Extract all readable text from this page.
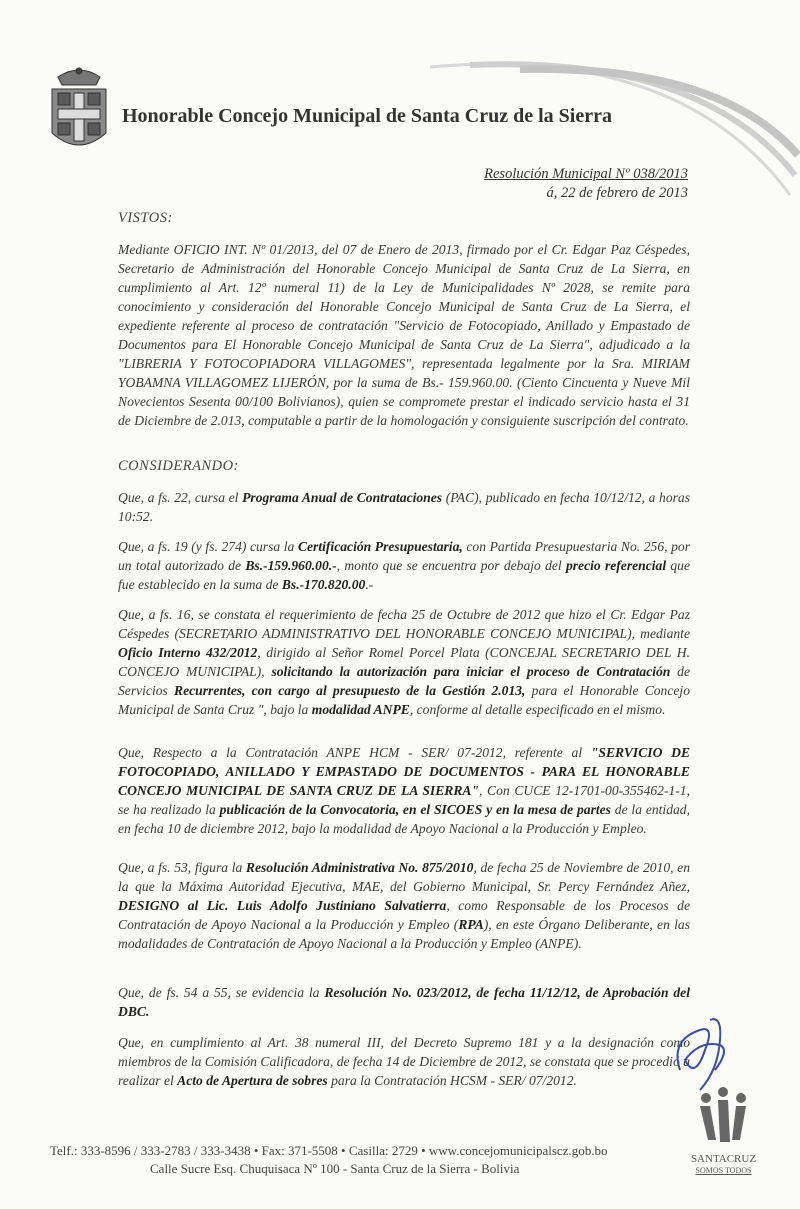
Honorable Concejo Municipal de Santa Cruz de la Sierra
Resolución Municipal Nº 038/2013
á, 22 de febrero de 2013
VISTOS:
Mediante OFICIO INT. Nº 01/2013, del 07 de Enero de 2013, firmado por el Cr. Edgar Paz Céspedes, Secretario de Administración del Honorable Concejo Municipal de Santa Cruz de La Sierra, en cumplimiento al Art. 12º numeral 11) de la Ley de Municipalidades Nº 2028, se remite para conocimiento y consideración del Honorable Concejo Municipal de Santa Cruz de La Sierra, el expediente referente al proceso de contratación "Servicio de Fotocopiado, Anillado y Empastado de Documentos para El Honorable Concejo Municipal de Santa Cruz de La Sierra", adjudicado a la "LIBRERIA Y FOTOCOPIADORA VILLAGOMES", representada legalmente por la Sra. MIRIAM YOBAMNA VILLAGOMEZ LIJERÓN, por la suma de Bs.- 159.960.00. (Ciento Cincuenta y Nueve Mil Novecientos Sesenta 00/100 Bolivianos), quien se compromete prestar el indicado servicio hasta el 31 de Diciembre de 2.013, computable a partir de la homologación y consiguiente suscripción del contrato.
CONSIDERANDO:
Que, a fs. 22, cursa el Programa Anual de Contrataciones (PAC), publicado en fecha 10/12/12, a horas 10:52.
Que, a fs. 19 (y fs. 274) cursa la Certificación Presupuestaria, con Partida Presupuestaria No. 256, por un total autorizado de Bs.-159.960.00.-, monto que se encuentra por debajo del precio referencial que fue establecido en la suma de Bs.-170.820.00.-
Que, a fs. 16, se constata el requerimiento de fecha 25 de Octubre de 2012 que hizo el Cr. Edgar Paz Céspedes (SECRETARIO ADMINISTRATIVO DEL HONORABLE CONCEJO MUNICIPAL), mediante Oficio Interno 432/2012, dirigido al Señor Romel Porcel Plata (CONCEJAL SECRETARIO DEL H. CONCEJO MUNICIPAL), solicitando la autorización para iniciar el proceso de Contratación de Servicios Recurrentes, con cargo al presupuesto de la Gestión 2.013, para el Honorable Concejo Municipal de Santa Cruz ", bajo la modalidad ANPE, conforme al detalle especificado en el mismo.
Que, Respecto a la Contratación ANPE HCM - SER/ 07-2012, referente al "SERVICIO DE FOTOCOPIADO, ANILLADO Y EMPASTADO DE DOCUMENTOS - PARA EL HONORABLE CONCEJO MUNICIPAL DE SANTA CRUZ DE LA SIERRA", Con CUCE 12-1701-00-355462-1-1, se ha realizado la publicación de la Convocatoria, en el SICOES y en la mesa de partes de la entidad, en fecha 10 de diciembre 2012, bajo la modalidad de Apoyo Nacional a la Producción y Empleo.
Que, a fs. 53, figura la Resolución Administrativa No. 875/2010, de fecha 25 de Noviembre de 2010, en la que la Máxima Autoridad Ejecutiva, MAE, del Gobierno Municipal, Sr. Percy Fernández Añez, DESIGNO al Lic. Luis Adolfo Justiniano Salvatierra, como Responsable de los Procesos de Contratación de Apoyo Nacional a la Producción y Empleo (RPA), en este Órgano Deliberante, en las modalidades de Contratación de Apoyo Nacional a la Producción y Empleo (ANPE).
Que, de fs. 54 a 55, se evidencia la Resolución No. 023/2012, de fecha 11/12/12, de Aprobación del DBC.
Que, en cumplimiento al Art. 38 numeral III, del Decreto Supremo 181 y a la designación como miembros de la Comisión Calificadora, de fecha 14 de Diciembre de 2012, se constata que se procedió a realizar el Acto de Apertura de sobres para la Contratación HCSM - SER/ 07/2012.
SANTACRUZ
SOMOS TODOS
Telf.: 333-8596 / 333-2783 / 333-3438 • Fax: 371-5508 • Casilla: 2729 • www.concejomunicipalscz.gob.bo
Calle Sucre Esq. Chuquisaca Nº 100 - Santa Cruz de la Sierra - Bolivia
